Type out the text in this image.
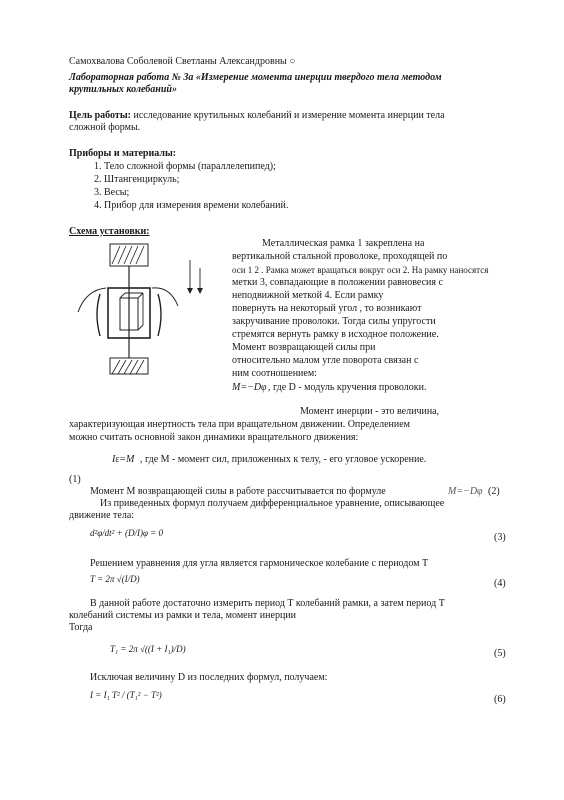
Самохвалова Соболевой Светланы Александровны ○
Лабораторная работа № 3а «Измерение момента инерции твердого тела методом
крутильных колебаний»
Цель работы: исследование крутильных колебаний и измерение момента инерции тела
сложной формы.
Приборы и материалы:
1. Тело сложной формы (параллелепипед);
2. Штангенциркуль;
3. Весы;
4. Прибор для измерения времени колебаний.
Схема установки:
Металлическая рамка 1 закреплена на
вертикальной стальной проволоке, проходящей по
оси 1 2 . Рамка может вращаться вокруг оси 2. На рамку наносятся
метки 3, совпадающие в положении равновесия с
неподвижной меткой 4. Если рамку
повернуть на некоторый угол , то возникают
закручивание проволоки. Тогда силы упругости
стремятся вернуть рамку в исходное положение.
Момент возвращающей силы при
относительно малом угле поворота связан с
ним соотношением:
, где D - модуль кручения проволоки.
M=−Dφ
Момент инерции - это величина,
характеризующая инертность тела при вращательном движении. Определением
можно считать основной закон динамики вращательного движения:
Iε=M , где M - момент сил, приложенных к телу, - его угловое ускорение.
(1)
Момент M возвращающей силы в работе рассчитывается по формуле	M=−Dφ (2)
Из приведенных формул получаем дифференциальное уравнение, описывающее
движение тела:
d²φ/dt² + (D/I)φ = 0	(3)
Решением уравнения для угла является гармоническое колебание с периодом T
T = 2π √(I/D)	(4)
В данной работе достаточно измерить период T колебаний рамки, а затем период T
колебаний системы из рамки и тела, момент инерции
Тогда
T₁ = 2π √((I + I₁)/D)	(5)
Исключая величину D из последних формул, получаем:
I = I₁ T² / (T₁² − T²)	(6)
